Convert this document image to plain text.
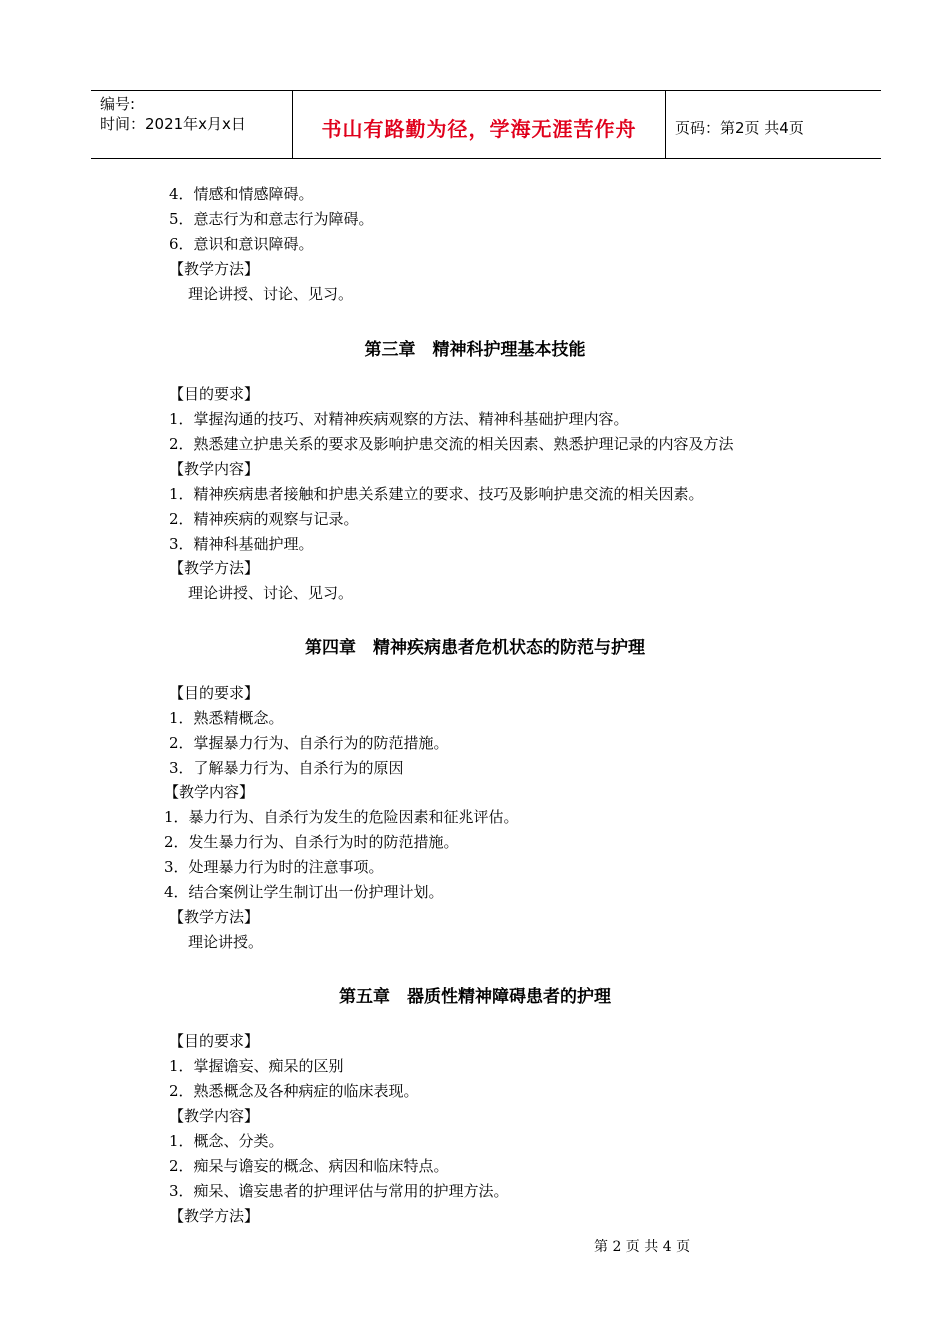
编号:
时间：2021年x月x日	书山有路勤为径，学海无涯苦作舟	页码：第2页 共4页
4．情感和情感障碍。
5．意志行为和意志行为障碍。
6．意识和意识障碍。
【教学方法】
理论讲授、讨论、见习。
第三章　精神科护理基本技能
【目的要求】
1．掌握沟通的技巧、对精神疾病观察的方法、精神科基础护理内容。
2．熟悉建立护患关系的要求及影响护患交流的相关因素、熟悉护理记录的内容及方法
【教学内容】
1．精神疾病患者接触和护患关系建立的要求、技巧及影响护患交流的相关因素。
2．精神疾病的观察与记录。
3．精神科基础护理。
【教学方法】
理论讲授、讨论、见习。
第四章　精神疾病患者危机状态的防范与护理
【目的要求】
1．熟悉精概念。
2．掌握暴力行为、自杀行为的防范措施。
3．了解暴力行为、自杀行为的原因
【教学内容】
1．暴力行为、自杀行为发生的危险因素和征兆评估。
2．发生暴力行为、自杀行为时的防范措施。
3．处理暴力行为时的注意事项。
4．结合案例让学生制订出一份护理计划。
【教学方法】
理论讲授。
第五章　器质性精神障碍患者的护理
【目的要求】
1．掌握谵妄、痴呆的区别
2．熟悉概念及各种病症的临床表现。
【教学内容】
1．概念、分类。
2．痴呆与谵妄的概念、病因和临床特点。
3．痴呆、谵妄患者的护理评估与常用的护理方法。
【教学方法】
第 2 页 共 4 页
